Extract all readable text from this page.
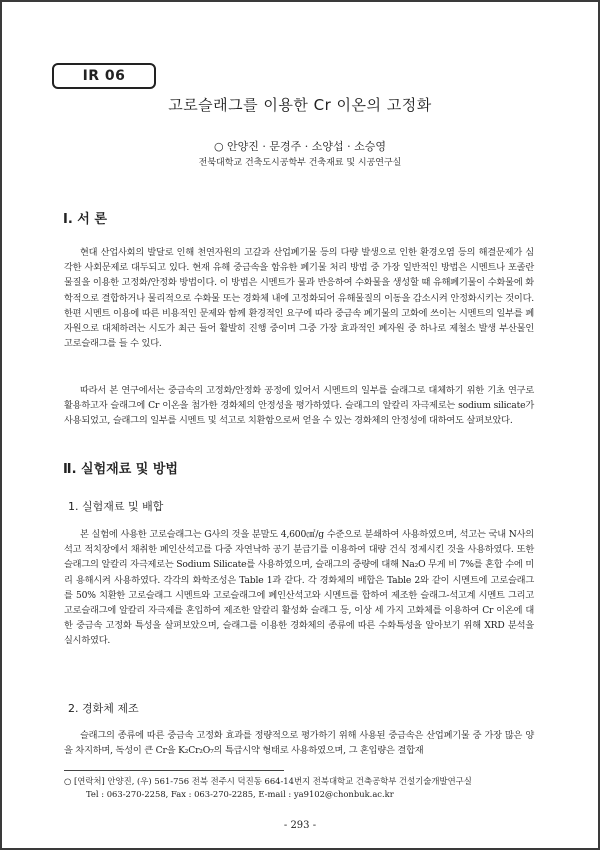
IR 06
고로슬래그를 이용한 Cr 이온의 고정화
○ 안양진 · 문경주 · 소양섭 · 소승영
전북대학교 건축도시공학부 건축재료 및 시공연구실
Ⅰ. 서 론

현대 산업사회의 발달로 인해 천연자원의 고갈과 산업폐기물 등의 다량 발생으로 인한 환경오염 등의 해결문제가 심각한 사회문제로 대두되고 있다. 현재 유해 중금속을 함유한 폐기물 처리 방법 중 가장 일반적인 방법은 시멘트나 포졸란 물질을 이용한 고정화/안정화 방법이다. 이 방법은 시멘트가 물과 반응하여 수화물을 생성할 때 유해폐기물이 수화물에 화학적으로 결합하거나 물리적으로 수화물 또는 경화체 내에 고정화되어 유해물질의 이동을 감소시켜 안정화시키는 것이다. 한편 시멘트 이용에 따른 비용적인 문제와 함께 환경적인 요구에 따라 중금속 폐기물의 고화에 쓰이는 시멘트의 일부를 폐자원으로 대체하려는 시도가 최근 들어 활발히 진행 중이며 그중 가장 효과적인 폐자원 중 하나로 제철소 발생 부산물인 고로슬래그를 들 수 있다.

따라서 본 연구에서는 중금속의 고정화/안정화 공정에 있어서 시멘트의 일부를 슬래그로 대체하기 위한 기초 연구로 활용하고자 슬래그에 Cr 이온을 첨가한 경화체의 안정성을 평가하였다. 슬래그의 알칼리 자극제로는 sodium silicate가 사용되었고, 슬래그의 일부를 시멘트 및 석고로 치환함으로써 얻을 수 있는 경화체의 안정성에 대하여도 살펴보았다.

Ⅱ. 실험재료 및 방법
1. 실험재료 및 배합

본 실험에 사용한 고로슬래그는 G사의 것을 분말도 4,600㎠/g 수준으로 분쇄하여 사용하였으며, 석고는 국내 N사의 석고 적치장에서 채취한 폐인산석고를 다중 자연낙하 공기 분급기를 이용하여 대량 건식 정제시킨 것을 사용하였다. 또한 슬래그의 알칼리 자극제로는 Sodium Silicate를 사용하였으며, 슬래그의 중량에 대해 Na₂O 무게 비 7%를 혼합 수에 미리 용해시켜 사용하였다. 각각의 화학조성은 Table 1과 같다. 각 경화체의 배합은 Table 2와 같이 시멘트에 고로슬래그를 50% 치환한 고로슬래그 시멘트와 고로슬래그에 폐인산석고와 시멘트를 합하여 제조한 슬래그-석고계 시멘트 그리고 고로슬래그에 알칼리 자극제를 혼입하여 제조한 알칼리 활성화 슬래그 등, 이상 세 가지 고화체를 이용하여 Cr 이온에 대한 중금속 고정화 특성을 살펴보았으며, 슬래그를 이용한 경화체의 종류에 따른 수화특성을 알아보기 위해 XRD 분석을 실시하였다.

2. 경화체 제조

슬래그의 종류에 따른 중금속 고정화 효과를 정량적으로 평가하기 위해 사용된 중금속은 산업폐기물 중 가장 많은 양을 차지하며, 독성이 큰 Cr을 K₂Cr₂O₇의 특급시약 형태로 사용하였으며, 그 혼입량은 결합재

○ [연락처] 안양진, (우) 561-756 전북 전주시 덕진동 664-14번지 전북대학교 건축공학부 건설기술개발연구실
Tel : 063-270-2258, Fax : 063-270-2285, E-mail : ya9102@chonbuk.ac.kr
- 293 -
